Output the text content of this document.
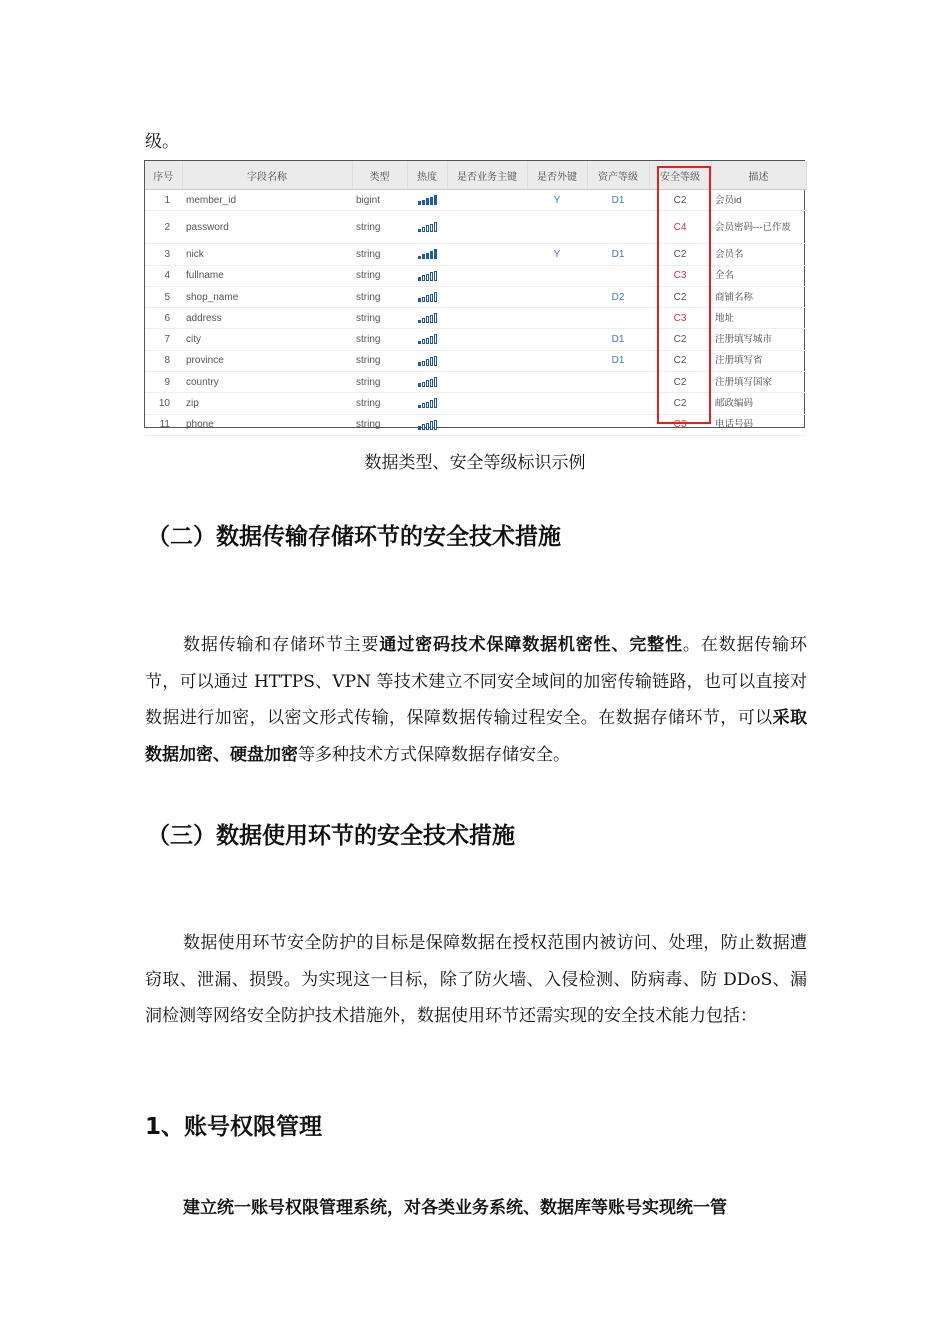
级。
序号	字段名称	类型	热度	是否业务主键	是否外键	资产等级	安全等级	描述
1	member_id	bigint			Y	D1	C2	会员id
2	password	string					C4	会员密码---已作废
3	nick	string			Y	D1	C2	会员名
4	fullname	string					C3	全名
5	shop_name	string				D2	C2	商铺名称
6	address	string					C3	地址
7	city	string				D1	C2	注册填写城市
8	province	string				D1	C2	注册填写省
9	country	string					C2	注册填写国家
10	zip	string					C2	邮政编码
11	phone	string					C3	电话号码
数据类型、安全等级标识示例
（二）数据传输存储环节的安全技术措施

数据传输和存储环节主要通过密码技术保障数据机密性、完整性。在数据传输环节，可以通过 HTTPS、VPN 等技术建立不同安全域间的加密传输链路，也可以直接对数据进行加密，以密文形式传输，保障数据传输过程安全。在数据存储环节，可以采取数据加密、硬盘加密等多种技术方式保障数据存储安全。

（三）数据使用环节的安全技术措施

数据使用环节安全防护的目标是保障数据在授权范围内被访问、处理，防止数据遭窃取、泄漏、损毁。为实现这一目标，除了防火墙、入侵检测、防病毒、防 DDoS、漏洞检测等网络安全防护技术措施外，数据使用环节还需实现的安全技术能力包括：

1、账号权限管理

建立统一账号权限管理系统，对各类业务系统、数据库等账号实现统一管
